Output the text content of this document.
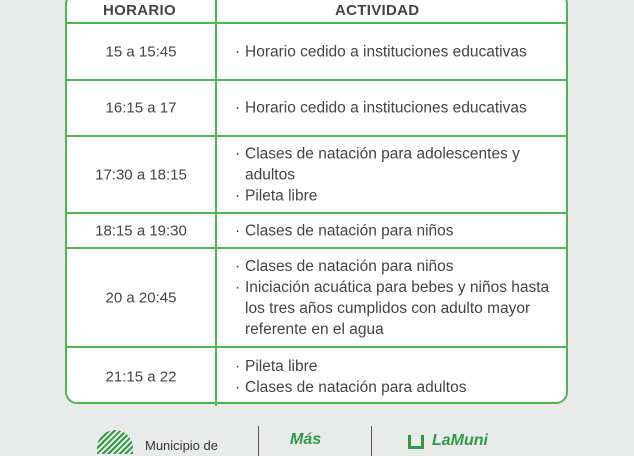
HORARIO	ACTIVIDAD
15 a 15:45	· Horario cedido a instituciones educativas
16:15 a 17	· Horario cedido a instituciones educativas
17:30 a 18:15
· Clases de natación para adolescentes y adultos
· Pileta libre
18:15 a 19:30	· Clases de natación para niños
20 a 20:45
· Clases de natación para niños
· Iniciación acuática para bebes y niños hasta los tres años cumplidos con adulto mayor referente en el agua
21:15 a 22
· Pileta libre
· Clases de natación para adultos
Municipio de	Más	LaMuni
